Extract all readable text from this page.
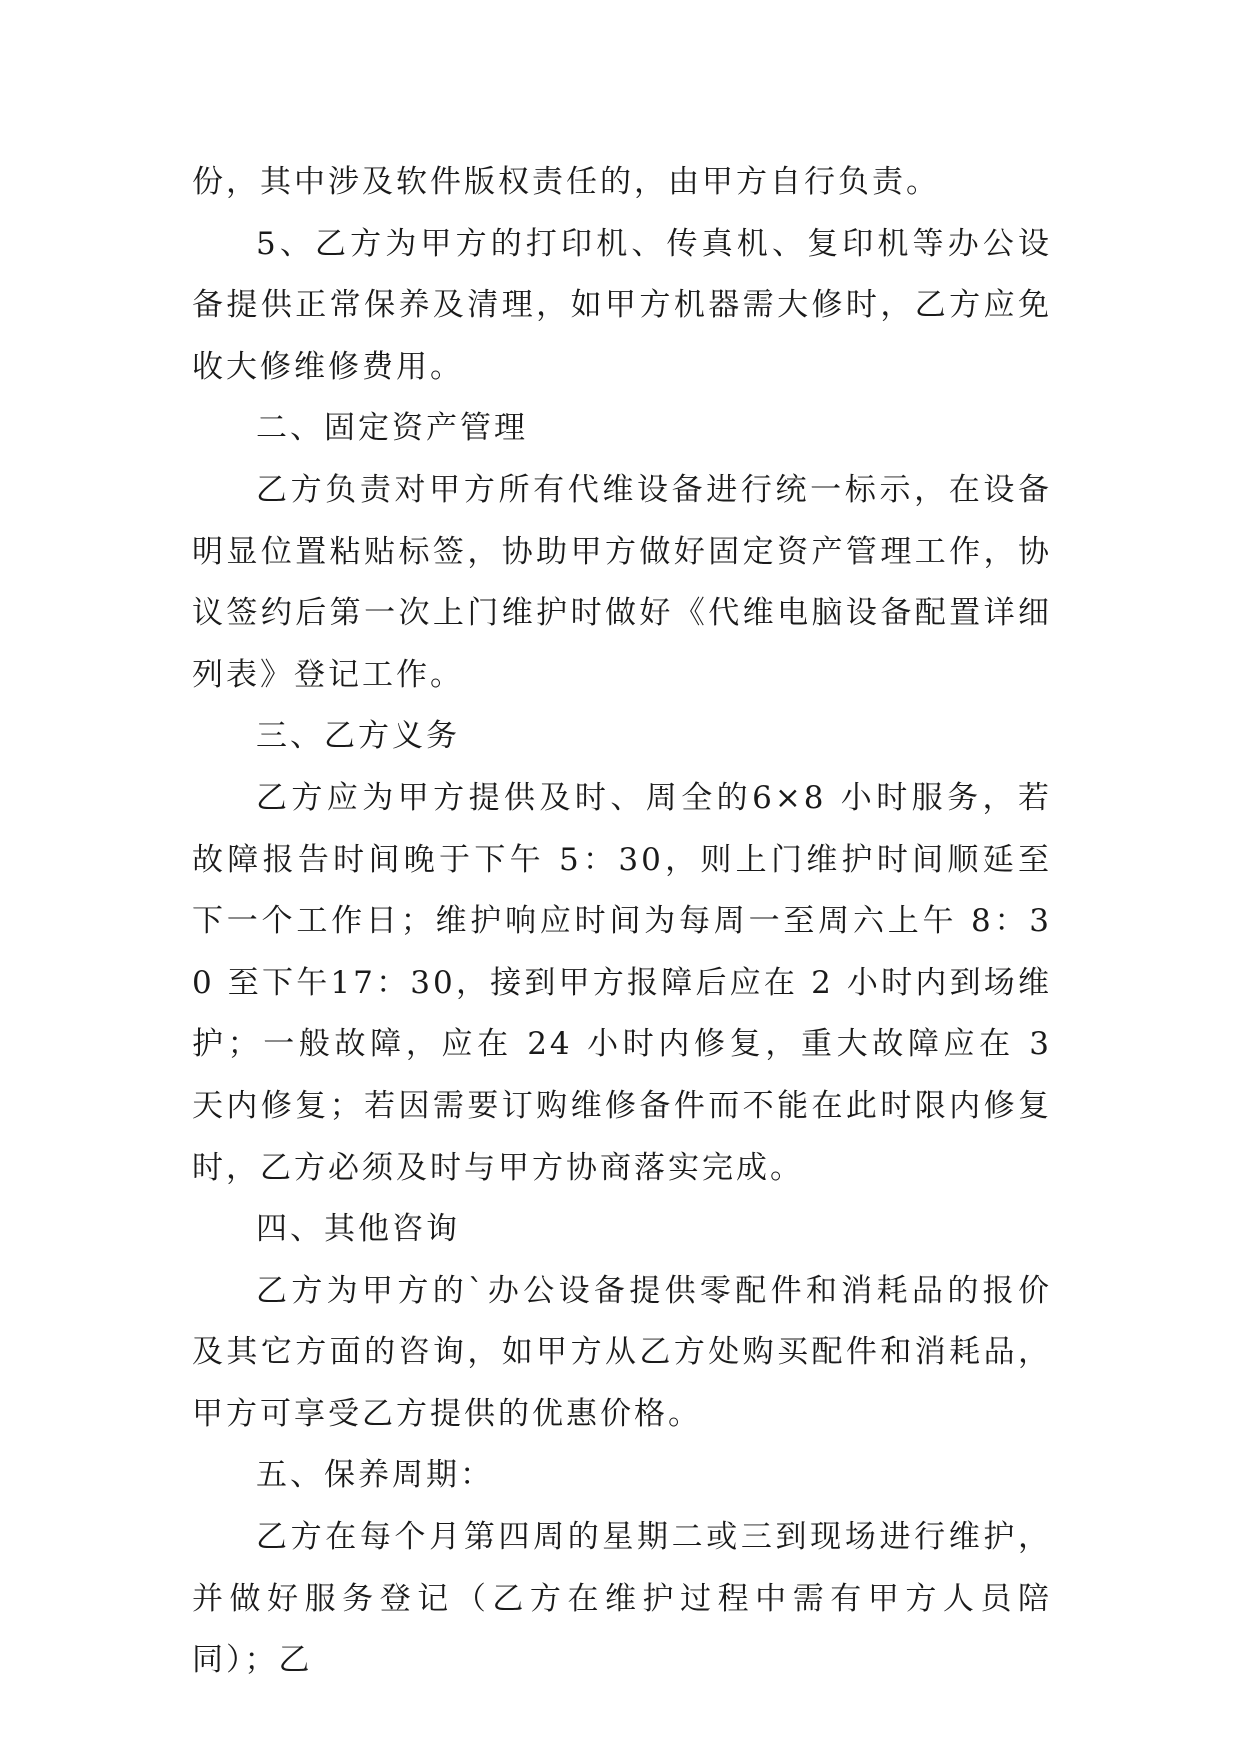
份，其中涉及软件版权责任的，由甲方自行负责。

5、乙方为甲方的打印机、传真机、复印机等办公设备提供正常保养及清理，如甲方机器需大修时，乙方应免收大修维修费用。

二、固定资产管理

乙方负责对甲方所有代维设备进行统一标示，在设备明显位置粘贴标签，协助甲方做好固定资产管理工作，协议签约后第一次上门维护时做好《代维电脑设备配置详细列表》登记工作。

三、乙方义务

乙方应为甲方提供及时、周全的6×8 小时服务，若故障报告时间晚于下午 5：30，则上门维护时间顺延至下一个工作日；维护响应时间为每周一至周六上午 8：30 至下午17：30，接到甲方报障后应在 2 小时内到场维护；一般故障，应在 24 小时内修复，重大故障应在 3 天内修复；若因需要订购维修备件而不能在此时限内修复时，乙方必须及时与甲方协商落实完成。

四、其他咨询

乙方为甲方的`办公设备提供零配件和消耗品的报价及其它方面的咨询，如甲方从乙方处购买配件和消耗品，甲方可享受乙方提供的优惠价格。

五、保养周期：

乙方在每个月第四周的星期二或三到现场进行维护，并做好服务登记（乙方在维护过程中需有甲方人员陪同）；乙
